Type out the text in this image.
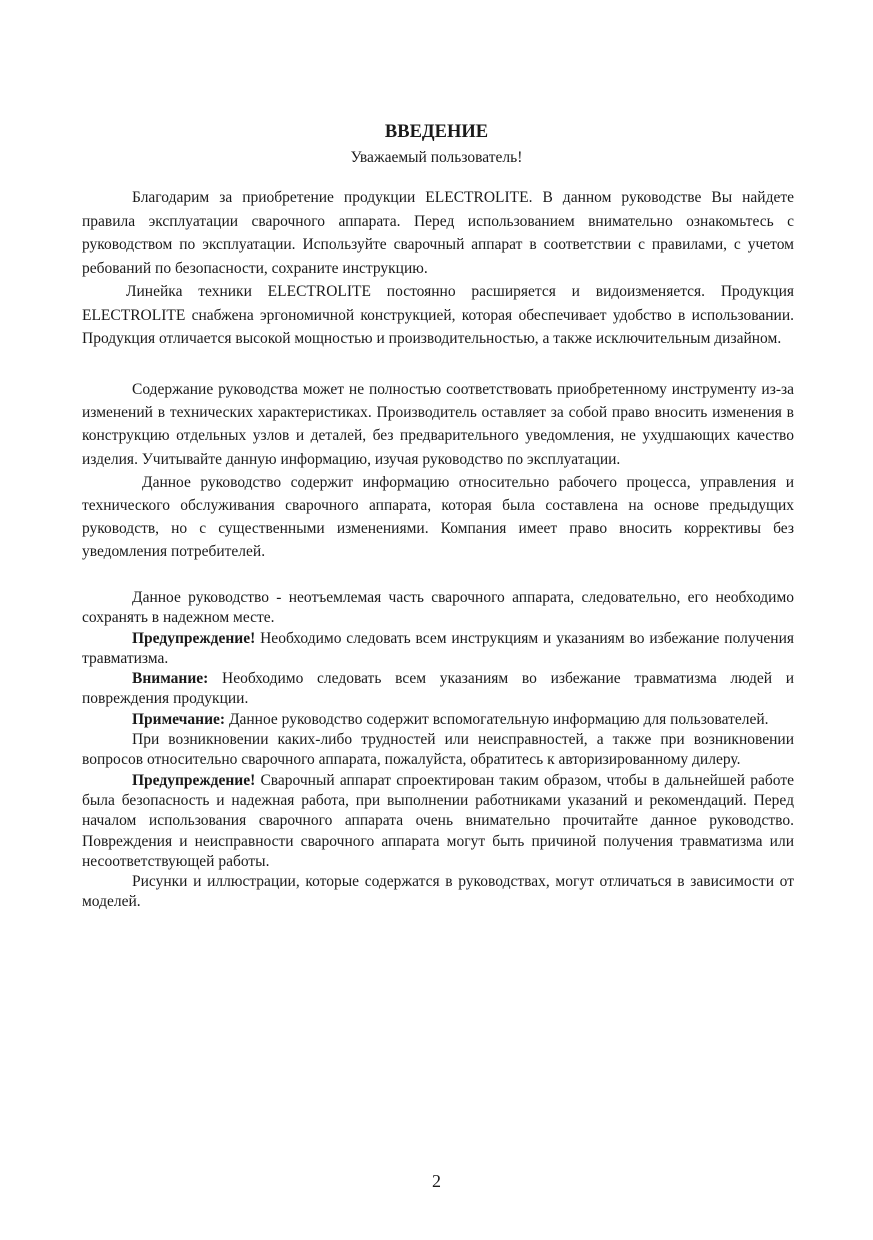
ВВЕДЕНИЕ
Уважаемый пользователь!

Благодарим за приобретение продукции ELECTROLITE. В данном руководстве Вы найдете правила эксплуатации сварочного аппарата. Перед использованием внимательно ознакомьтесь с руководством по эксплуатации. Используйте сварочный аппарат в соответствии с правилами, с учетом ребований по безопасности, сохраните инструкцию.

Линейка техники ELECTROLITE постоянно расширяется и видоизменяется. Продукция ELECTROLITE снабжена эргономичной конструкцией, которая обеспечивает удобство в использовании. Продукция отличается высокой мощностью и производительностью, а также исключительным дизайном.

Содержание руководства может не полностью соответствовать приобретенному инструменту из-за изменений в технических характеристиках. Производитель оставляет за собой право вносить изменения в конструкцию отдельных узлов и деталей, без предварительного уведомления, не ухудшающих качество изделия. Учитывайте данную информацию, изучая руководство по эксплуатации.

Данное руководство содержит информацию относительно рабочего процесса, управления и технического обслуживания сварочного аппарата, которая была составлена на основе предыдущих руководств, но с существенными изменениями. Компания имеет право вносить коррективы без уведомления потребителей.

Данное руководство - неотъемлемая часть сварочного аппарата, следовательно, его необходимо сохранять в надежном месте.

Предупреждение! Необходимо следовать всем инструкциям и указаниям во избежание получения травматизма.

Внимание: Необходимо следовать всем указаниям во избежание травматизма людей и повреждения продукции.

Примечание: Данное руководство содержит вспомогательную информацию для пользователей.

При возникновении каких-либо трудностей или неисправностей, а также при возникновении вопросов относительно сварочного аппарата, пожалуйста, обратитесь к авторизированному дилеру.

Предупреждение! Сварочный аппарат спроектирован таким образом, чтобы в дальнейшей работе была безопасность и надежная работа, при выполнении работниками указаний и рекомендаций. Перед началом использования сварочного аппарата очень внимательно прочитайте данное руководство. Повреждения и неисправности сварочного аппарата могут быть причиной получения травматизма или несоответствующей работы.

Рисунки и иллюстрации, которые содержатся в руководствах, могут отличаться в зависимости от моделей.

2
